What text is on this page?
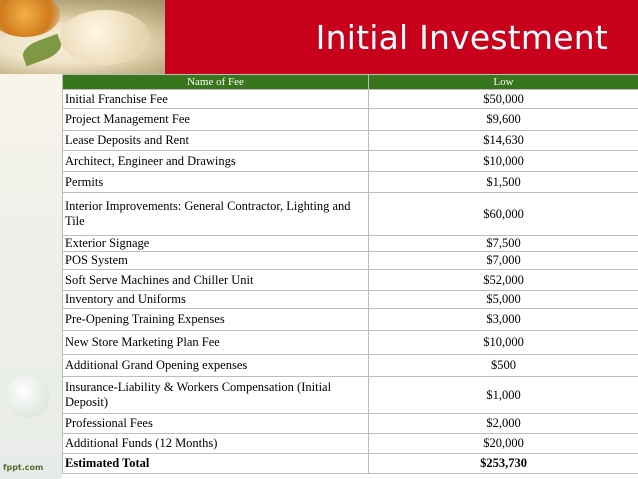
Initial Investment
fppt.com
Name of Fee	Low
Initial Franchise Fee	$50,000
Project Management Fee	$9,600
Lease Deposits and Rent	$14,630
Architect, Engineer and Drawings	$10,000
Permits	$1,500
Interior Improvements: General Contractor, Lighting and Tile	$60,000
Exterior Signage	$7,500
POS System	$7,000
Soft Serve Machines and Chiller Unit	$52,000
Inventory and Uniforms	$5,000
Pre-Opening Training Expenses	$3,000
New Store Marketing Plan Fee	$10,000
Additional Grand Opening expenses	$500
Insurance-Liability & Workers Compensation (Initial Deposit)	$1,000
Professional Fees	$2,000
Additional Funds (12 Months)	$20,000
Estimated Total	$253,730
